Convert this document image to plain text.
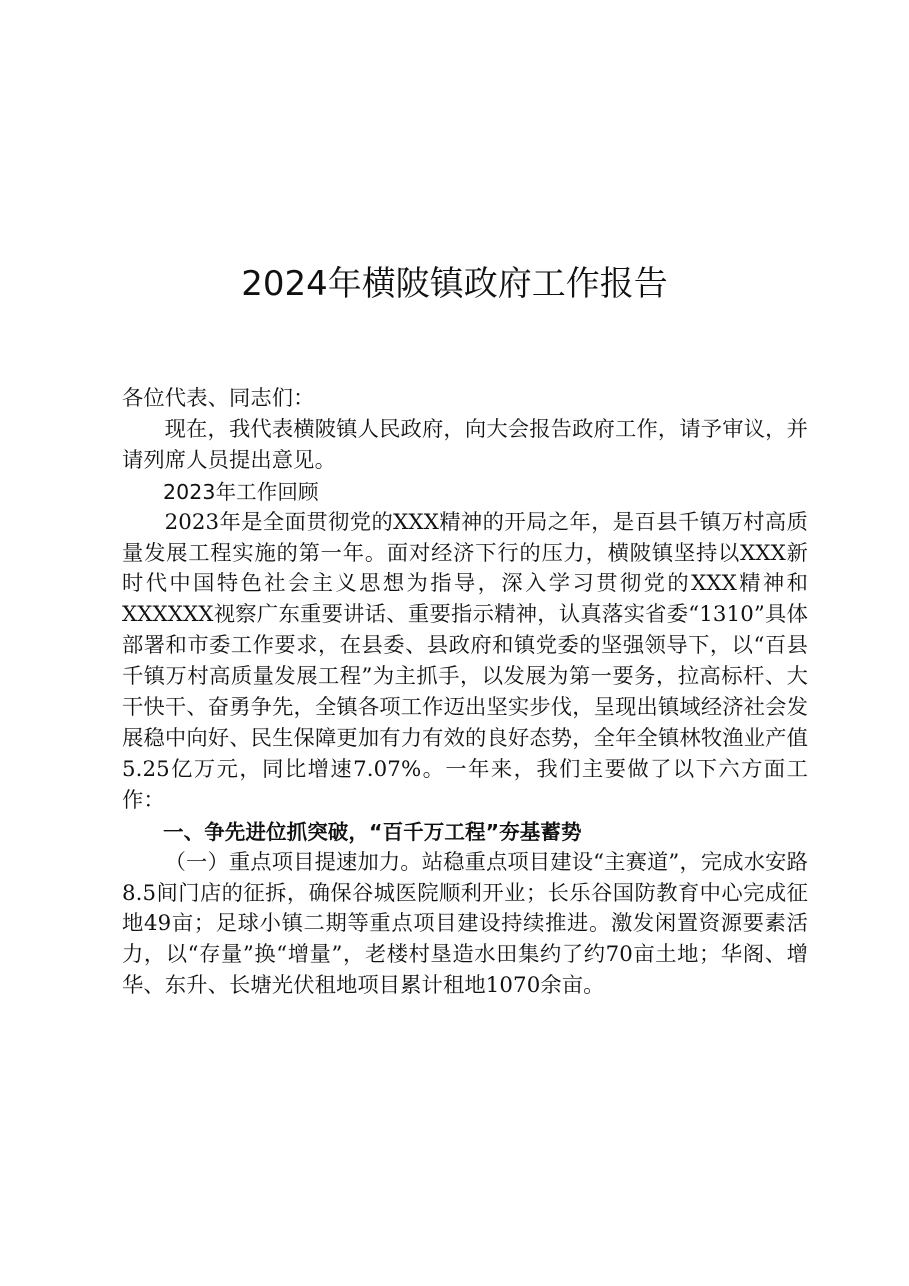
2024年横陂镇政府工作报告

各位代表、同志们：

现在，我代表横陂镇人民政府，向大会报告政府工作，请予审议，并请列席人员提出意见。

2023年工作回顾

2023年是全面贯彻党的XXX精神的开局之年，是百县千镇万村高质量发展工程实施的第一年。面对经济下行的压力，横陂镇坚持以XXX新时代中国特色社会主义思想为指导，深入学习贯彻党的XXX精神和XXXXXX视察广东重要讲话、重要指示精神，认真落实省委“1310”具体部署和市委工作要求，在县委、县政府和镇党委的坚强领导下，以“百县千镇万村高质量发展工程”为主抓手，以发展为第一要务，拉高标杆、大干快干、奋勇争先，全镇各项工作迈出坚实步伐，呈现出镇域经济社会发展稳中向好、民生保障更加有力有效的良好态势，全年全镇林牧渔业产值5.25亿万元，同比增速7.07%。一年来，我们主要做了以下六方面工作：

一、争先进位抓突破，“百千万工程”夯基蓄势

（一）重点项目提速加力。站稳重点项目建设“主赛道”，完成水安路8.5间门店的征拆，确保谷城医院顺利开业；长乐谷国防教育中心完成征地49亩；足球小镇二期等重点项目建设持续推进。激发闲置资源要素活力，以“存量”换“增量”，老楼村垦造水田集约了约70亩土地；华阁、增华、东升、长塘光伏租地项目累计租地1070余亩。
